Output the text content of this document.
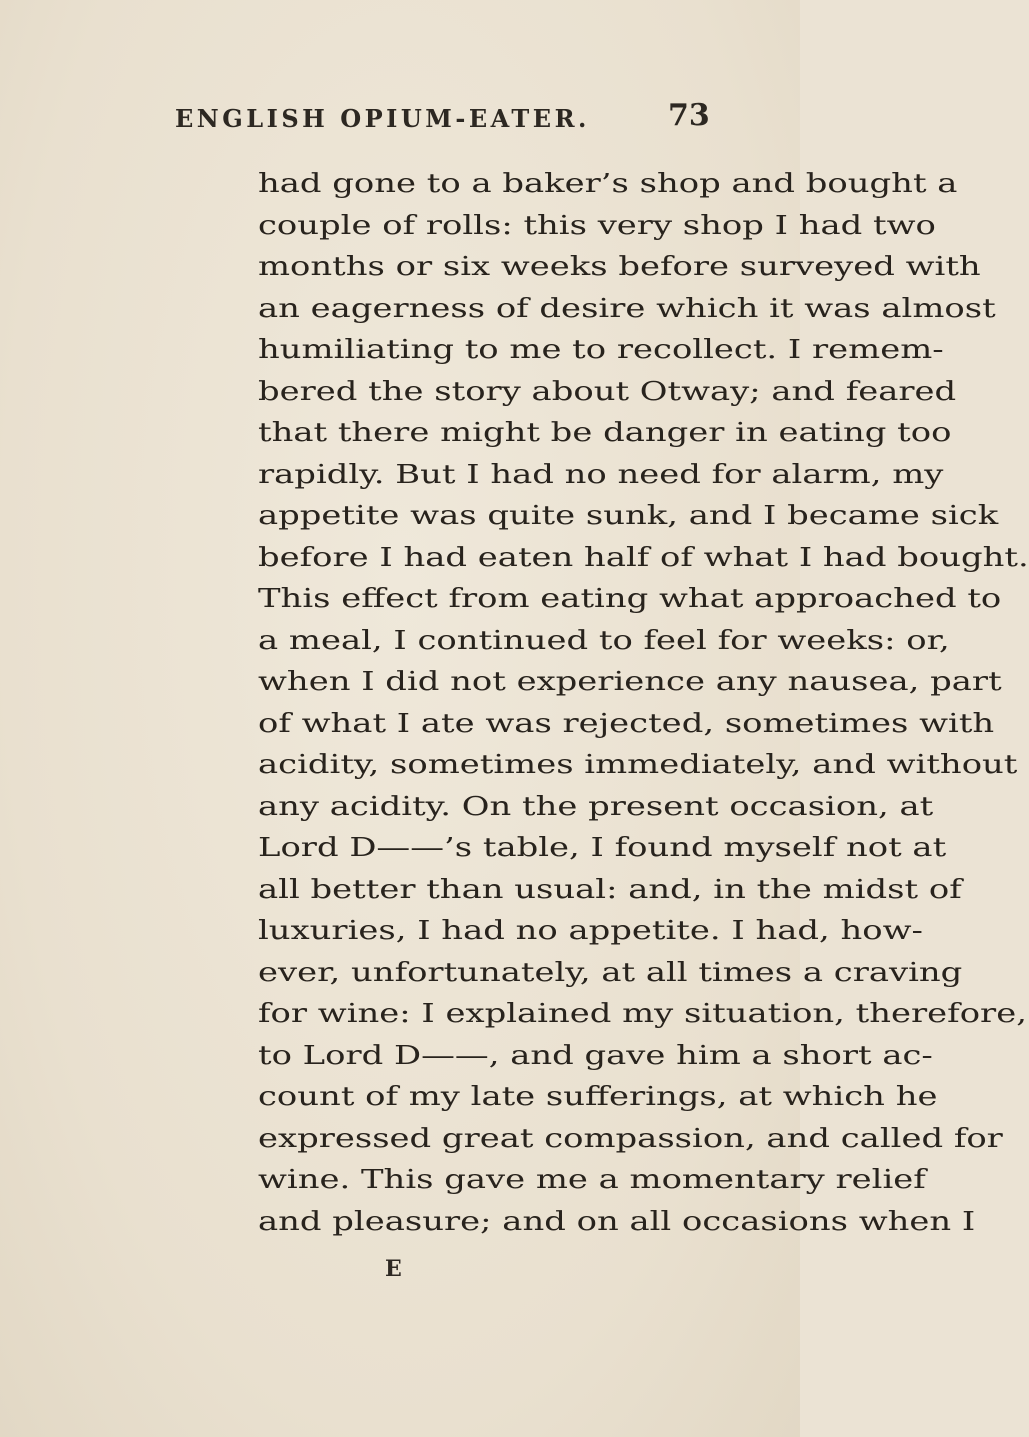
ENGLISH OPIUM-EATER.	73
had gone to a baker’s shop and bought a
couple of rolls: this very shop I had two
months or six weeks before surveyed with
an eagerness of desire which it was almost
humiliating to me to recollect. I remem-
bered the story about Otway; and feared
that there might be danger in eating too
rapidly. But I had no need for alarm, my
appetite was quite sunk, and I became sick
before I had eaten half of what I had bought.
This effect from eating what approached to
a meal, I continued to feel for weeks: or,
when I did not experience any nausea, part
of what I ate was rejected, sometimes with
acidity, sometimes immediately, and without
any acidity. On the present occasion, at
Lord D——’s table, I found myself not at
all better than usual: and, in the midst of
luxuries, I had no appetite. I had, how-
ever, unfortunately, at all times a craving
for wine: I explained my situation, therefore,
to Lord D——, and gave him a short ac-
count of my late sufferings, at which he
expressed great compassion, and called for
wine. This gave me a momentary relief
and pleasure; and on all occasions when I
E
